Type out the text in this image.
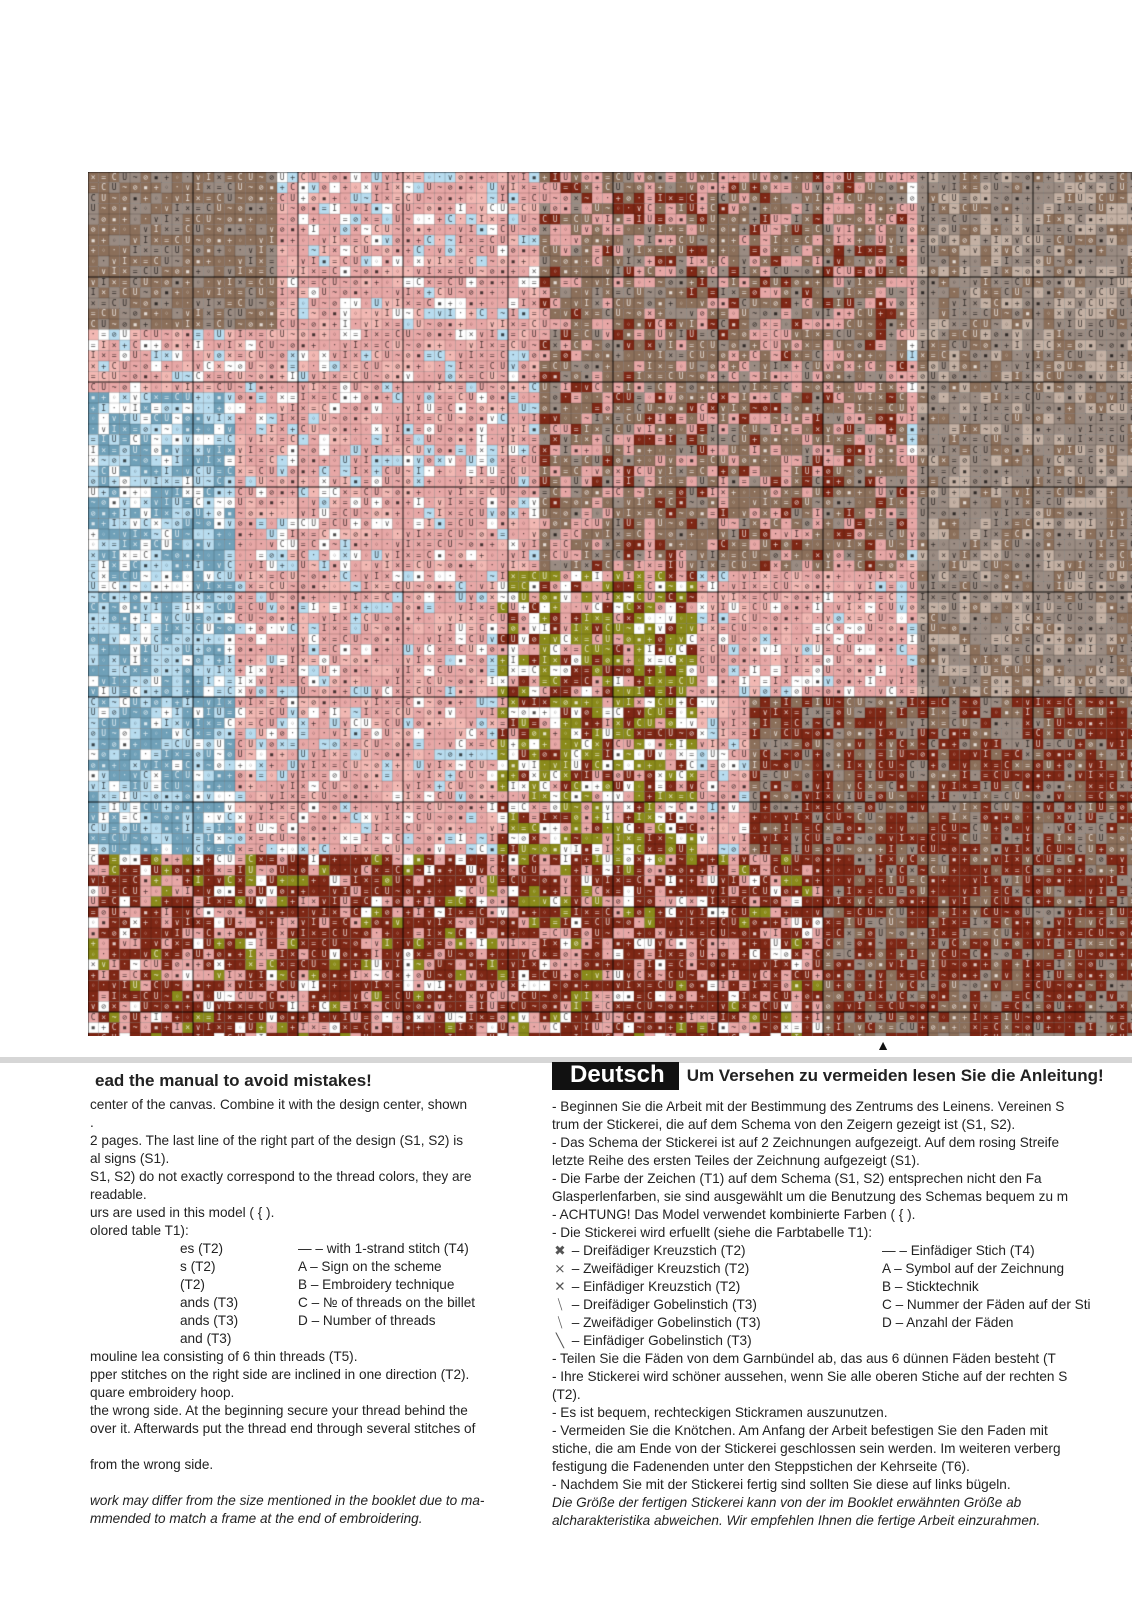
▲
ead the manual to avoid mistakes!
center of the canvas. Combine it with the design center, shown
.
2 pages. The last line of the right part of the design (S1, S2) is
al signs (S1).
S1, S2) do not exactly correspond to the thread colors, they are
readable.
urs are used in this model ( { ).
olored table T1):
es (T2)
s (T2)
(T2)
ands (T3)
ands (T3)
and (T3)
— – with 1-strand stitch (T4)
A – Sign on the scheme
B – Embroidery technique
C – № of threads on the billet
D – Number of threads
mouline lea consisting of 6 thin threads (T5).
pper stitches on the right side are inclined in one direction (T2).
quare embroidery hoop.
the wrong side. At the beginning secure your thread behind the
over it. Afterwards put the thread end through several stitches of

from the wrong side.

work may differ from the size mentioned in the booklet due to ma-
mmended to match a frame at the end of embroidering.
Deutsch Um Versehen zu vermeiden lesen Sie die Anleitung!
- Beginnen Sie die Arbeit mit der Bestimmung des Zentrums des Leinens. Vereinen S
trum der Stickerei, die auf dem Schema von den Zeigern gezeigt ist (S1, S2).
- Das Schema der Stickerei ist auf 2 Zeichnungen aufgezeigt. Auf dem rosing Streife
letzte Reihe des ersten Teiles der Zeichnung aufgezeigt (S1).
- Die Farbe der Zeichen (T1) auf dem Schema (S1, S2) entsprechen nicht den Fa
Glasperlenfarben, sie sind ausgewählt um die Benutzung des Schemas bequem zu m
- ACHTUNG! Das Model verwendet kombinierte Farben ( { ).
- Die Stickerei wird erfuellt (siehe die Farbtabelle T1):
✖ – Dreifädiger Kreuzstich (T2)
⨯ – Zweifädiger Kreuzstich (T2)
✕ – Einfädiger Kreuzstich (T2)
⧹ – Dreifädiger Gobelinstich (T3)
⧹ – Zweifädiger Gobelinstich (T3)
╲ – Einfädiger Gobelinstich (T3)
— – Einfädiger Stich (T4)
A – Symbol auf der Zeichnung
B – Sticktechnik
C – Nummer der Fäden auf der Sti
D – Anzahl der Fäden
- Teilen Sie die Fäden von dem Garnbündel ab, das aus 6 dünnen Fäden besteht (T
- Ihre Stickerei wird schöner aussehen, wenn Sie alle oberen Stiche auf der rechten S
(T2).
- Es ist bequem, rechteckigen Stickramen auszunutzen.
- Vermeiden Sie die Knötchen. Am Anfang der Arbeit befestigen Sie den Faden mit
stiche, die am Ende von der Stickerei geschlossen sein werden. Im weiteren verberg
festigung die Fadenenden unter den Steppstichen der Kehrseite (T6).
- Nachdem Sie mit der Stickerei fertig sind sollten Sie diese auf links bügeln.
Die Größe der fertigen Stickerei kann von der im Booklet erwähnten Größe ab
alcharakteristika abweichen. Wir empfehlen Ihnen die fertige Arbeit einzurahmen.
